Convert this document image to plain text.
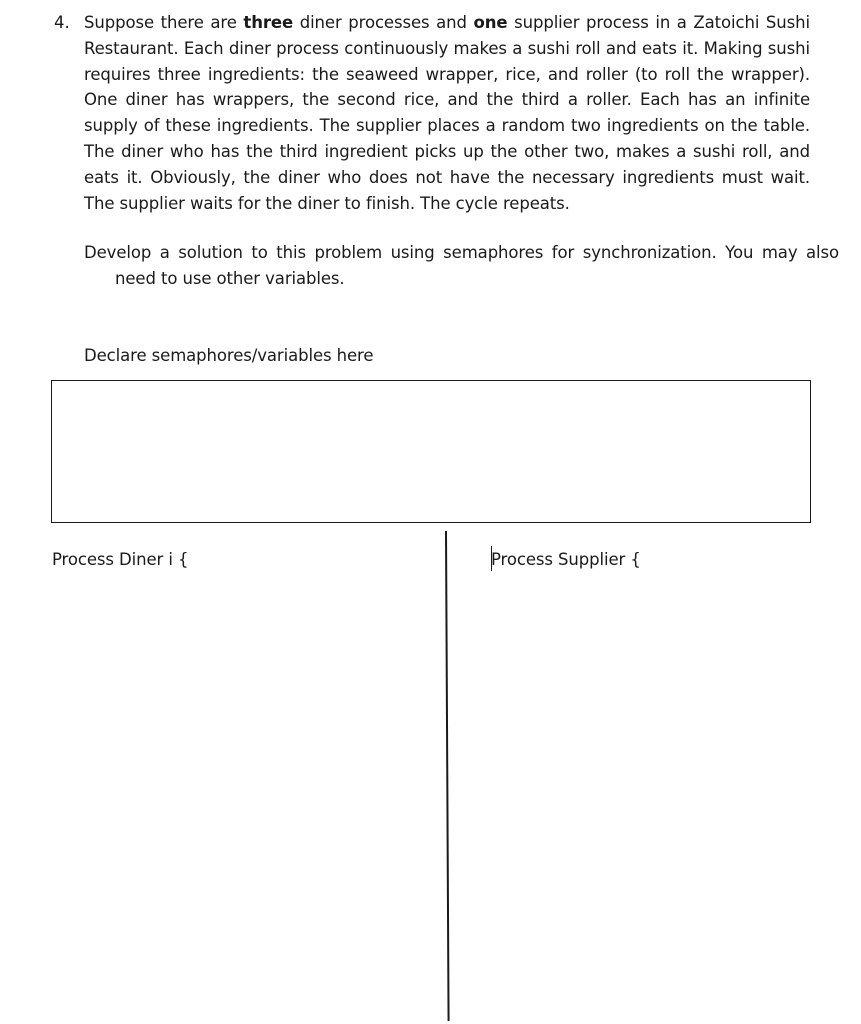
4. Suppose there are three diner processes and one supplier process in a Zatoichi Sushi Restaurant. Each diner process continuously makes a sushi roll and eats it. Making sushi requires three ingredients: the seaweed wrapper, rice, and roller (to roll the wrapper). One diner has wrappers, the second rice, and the third a roller. Each has an infinite supply of these ingredients. The supplier places a random two ingredients on the table. The diner who has the third ingredient picks up the other two, makes a sushi roll, and eats it. Obviously, the diner who does not have the necessary ingredients must wait. The supplier waits for the diner to finish. The cycle repeats.
Develop a solution to this problem using semaphores for synchronization. You may also need to use other variables.
Declare semaphores/variables here
Process Diner i {	Process Supplier {
